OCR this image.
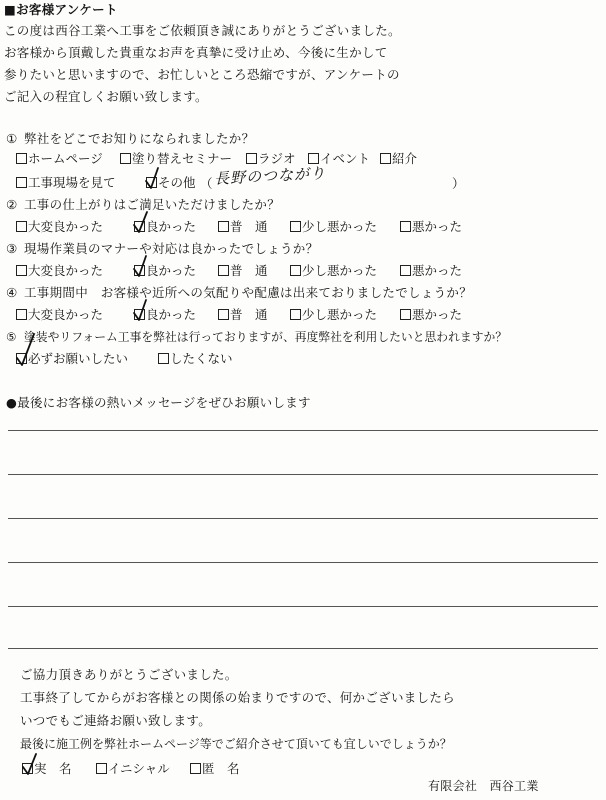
■お客様アンケート
この度は西谷工業へ工事をご依頼頂き誠にありがとうございました。
お客様から頂戴した貴重なお声を真摯に受け止め、今後に生かして
参りたいと思いますので、お忙しいところ恐縮ですが、アンケートの
ご記入の程宜しくお願い致します。
① 弊社をどこでお知りになられましたか？
ホームページ	塗り替えセミナー	ラジオ	イベント	紹介
工事現場を見て	その他 （	）
長野のつながり
② 工事の仕上がりはご満足いただけましたか？
大変良かった	良かった	普　通	少し悪かった	悪かった
③ 現場作業員のマナーや対応は良かったでしょうか？
大変良かった	良かった	普　通	少し悪かった	悪かった
④ 工事期間中　お客様や近所への気配りや配慮は出来ておりましたでしょうか？
大変良かった	良かった	普　通	少し悪かった	悪かった
⑤ 塗装やリフォーム工事を弊社は行っておりますが、再度弊社を利用したいと思われますか？
必ずお願いしたい	したくない
●最後にお客様の熱いメッセージをぜひお願いします
ご協力頂きありがとうございました。
工事終了してからがお客様との関係の始まりですので、何かございましたら
いつでもご連絡お願い致します。
最後に施工例を弊社ホームページ等でご紹介させて頂いても宜しいでしょうか？
実　名	イニシャル	匿　名
有限会社　西谷工業
